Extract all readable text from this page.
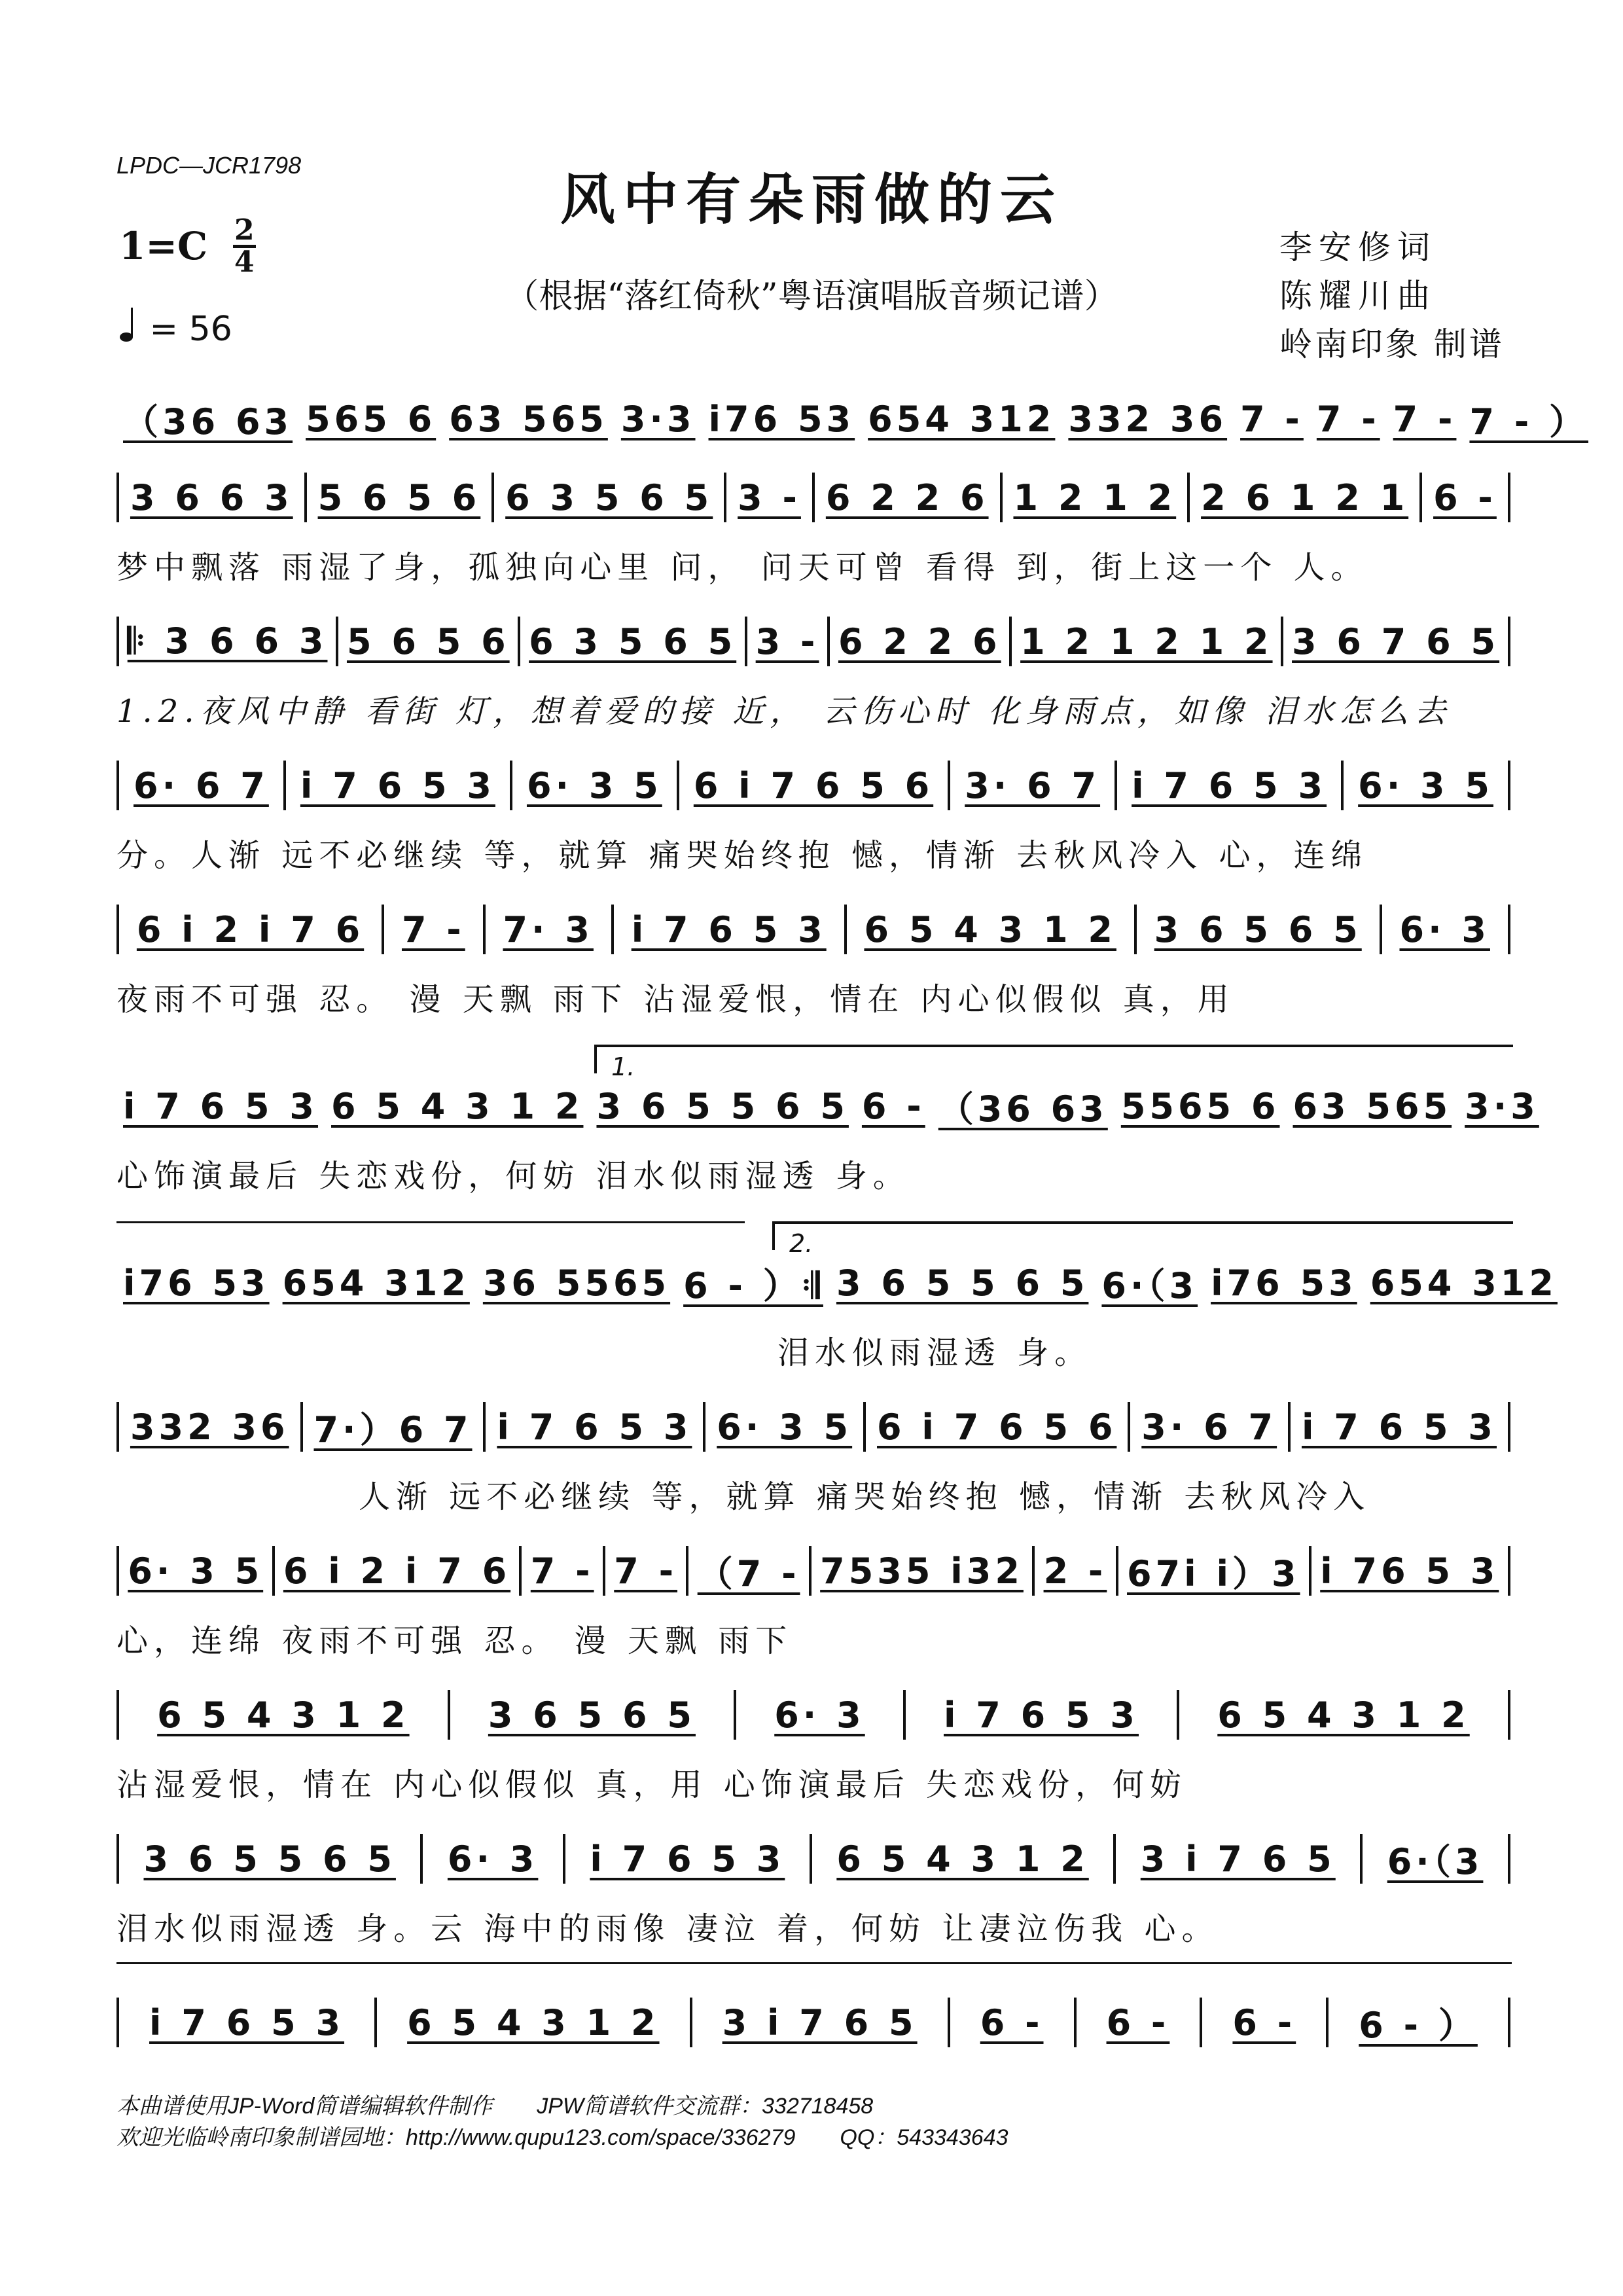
LPDC—JCR1798
风中有朵雨做的云
（根据“落红倚秋”粤语演唱版音频记谱）
$1=C \frac{2}{4}$
= 56
李安修词
陈耀川曲
岭南印象 制谱
（36 63 565 6 63 565 3·3 i76 53 654 312 332 36 7 - 7 - 7 - 7 - ）
3 6 6 3 5 6 5 6 6 3 5 6 5 3 - 6 2 2 6 1 2 1 2 2 6 1 2 1 6 -
梦中飘落 雨湿了身，孤独向心里 问， 问天可曾 看得 到，街上这一个 人。
𝄆 3 6 6 3 5 6 5 6 6 3 5 6 5 3 - 6 2 2 6 1 2 1 2 1 2 3 6 7 6 5
1.2.夜风中静 看街 灯，想着爱的接 近， 云伤心时 化身雨点，如像 泪水怎么去
6· 6 7 i 7 6 5 3 6· 3 5 6 i 7 6 5 6 3· 6 7 i 7 6 5 3 6· 3 5
分。人渐 远不必继续 等，就算 痛哭始终抱 憾，情渐 去秋风冷入 心，连绵
6 i 2 i 7 6 7 - 7· 3 i 7 6 5 3 6 5 4 3 1 2 3 6 5 6 5 6· 3
夜雨不可强 忍。 漫 天飘 雨下 沾湿爱恨，情在 内心似假似 真，用
i 7 6 5 3 6 5 4 3 1 2 3 6 5 5 6 5 6 - （36 63 5565 6 63 565 3·3
心饰演最后 失恋戏份，何妨 泪水似雨湿透 身。
i76 53 654 312 36 5565 6 - ）𝄇 3 6 5 5 6 5 6·（3 i76 53 654 312
泪水似雨湿透 身。
332 36 7·）6 7 i 7 6 5 3 6· 3 5 6 i 7 6 5 6 3· 6 7 i 7 6 5 3
人渐 远不必继续 等，就算 痛哭始终抱 憾，情渐 去秋风冷入
6· 3 5 6 i 2 i 7 6 7 - 7 - （7 - 7535 i32 2 - 67i i）3 i 76 5 3
心，连绵 夜雨不可强 忍。 漫 天飘 雨下
6 5 4 3 1 2 3 6 5 6 5 6· 3 i 7 6 5 3 6 5 4 3 1 2
沾湿爱恨，情在 内心似假似 真，用 心饰演最后 失恋戏份，何妨
3 6 5 5 6 5 6· 3 i 7 6 5 3 6 5 4 3 1 2 3 i 7 6 5 6·（3
泪水似雨湿透 身。云 海中的雨像 凄泣 着，何妨 让凄泣伤我 心。
i 7 6 5 3 6 5 4 3 1 2 3 i 7 6 5 6 - 6 - 6 - 6 - ）
1.
2.
本曲谱使用JP-Word简谱编辑软件制作　　JPW简谱软件交流群：332718458
欢迎光临岭南印象制谱园地：http://www.qupu123.com/space/336279　　QQ：543343643
